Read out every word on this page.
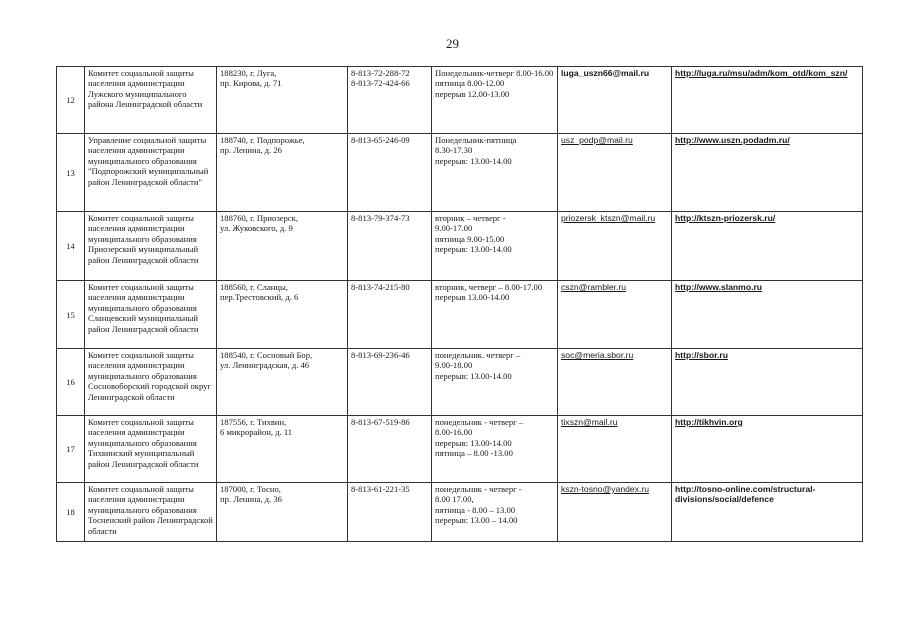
29
12	Комитет социальной защиты населения администрации Лужского муниципального района Ленинградской области	188230, г. Луга,
пр. Кирова, д. 71	8-813-72-288-72
8-813-72-424-66	Понедельник-четверг 8.00-16.00 пятница 8.00-12.00
перерыв 12.00-13.00	luga_uszn66@mail.ru	http://luga.ru/msu/adm/kom_otd/kom_szn/
13	Управление социальной защиты населения администрации муниципального образования "Подпорожский муниципальный район Ленинградской области"	188740, г. Подпорожье,
пр. Ленина, д. 26	8-813-65-246-09	Понедельник-пятница
8.30-17.30
перерыв: 13.00-14.00	usz_podp@mail.ru	http://www.uszn.podadm.ru/
14	Комитет социальной защиты населения администрации муниципального образования Приозерский муниципальный район Ленинградской области	188760, г. Приозерск,
ул. Жуковского, д. 9	8-813-79-374-73	вторник – четверг -
9.00-17.00
пятница 9.00-15.00
перерыв: 13.00-14.00	priozersk_ktszn@mail.ru	http://ktszn-priozersk.ru/
15	Комитет социальной защиты населения администрации муниципального образования Сланцевский муниципальный район Ленинградской области	188560, г. Сланцы,
пер.Трестовский, д. 6	8-813-74-215-80	вторник, четверг – 8.00-17.00
перерыв 13.00-14.00	cszn@rambler.ru	http://www.slanmo.ru
16	Комитет социальной защиты населения администрации муниципального образования Сосновоборский городской округ Ленинградской области	188540, г. Сосновый Бор,
ул. Ленинградская, д. 46	8-813-69-236-46	понедельник. четверг –
9.00-18.00
перерыв: 13.00-14.00	soc@meria.sbor.ru	http://sbor.ru
17	Комитет социальной защиты населения администрации муниципального образования Тихвинский муниципальный район Ленинградской области	187556, г. Тихвин,
6 микрорайон, д. 11	8-813-67-519-86	понедельник - четверг –
8.00-16.00
перерыв: 13.00-14.00
пятница – 8.00 -13.00	tixszn@mail.ru	http://tikhvin.org
18	Комитет социальной защиты населения администрации муниципального образования Тосненский район Ленинградской области	187000, г. Тосно,
пр. Ленина, д. 36	8-813-61-221-35	понедельник - четверг -
8.00 17.00,
пятница - 8.00 – 13.00
перерыв: 13.00 – 14.00	kszn-tosno@yandex.ru	http://tosno-online.com/structural-divisions/social/defence
